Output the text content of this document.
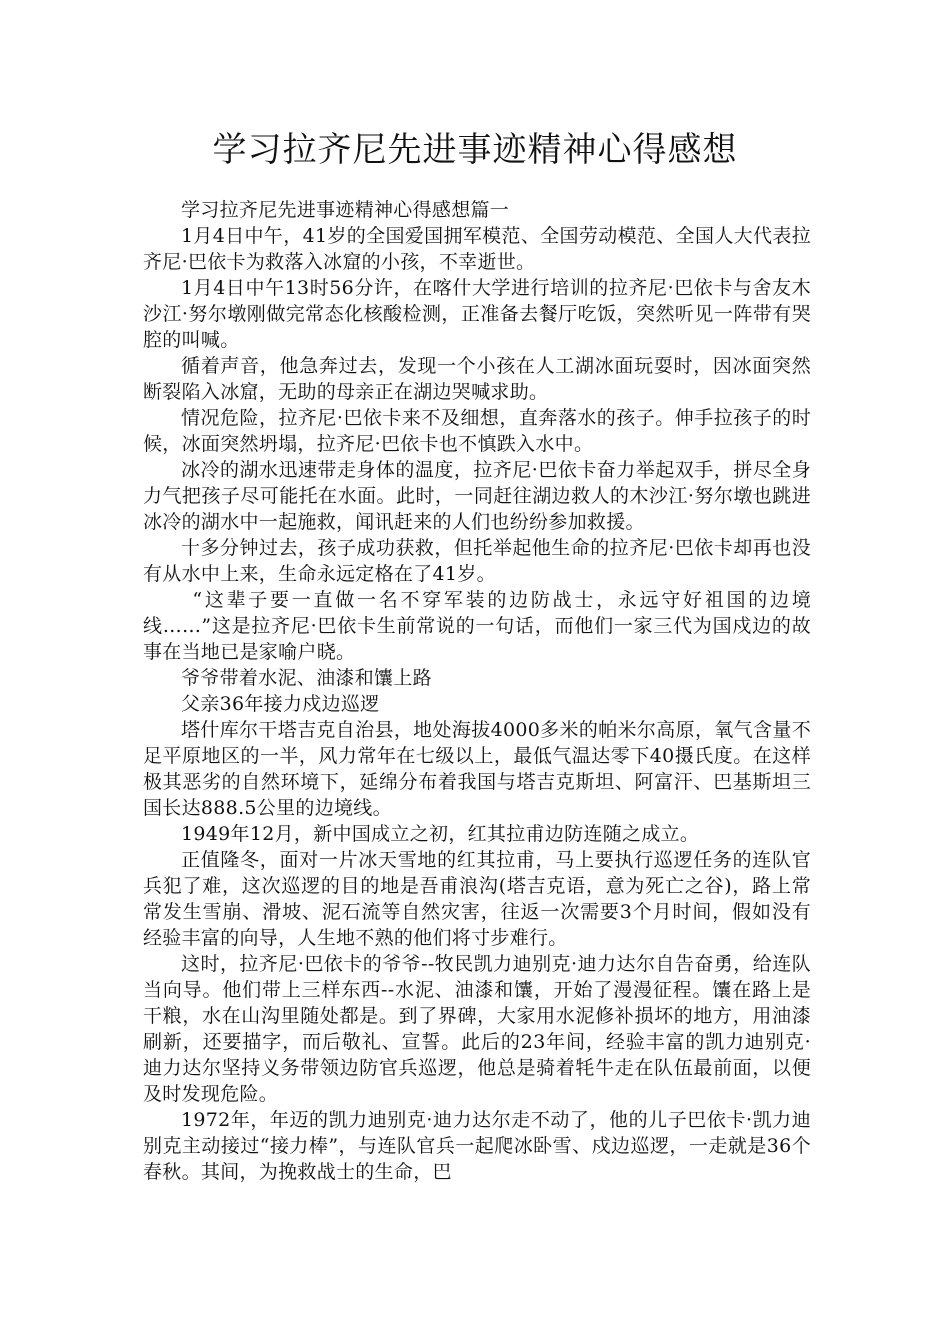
学习拉齐尼先进事迹精神心得感想

学习拉齐尼先进事迹精神心得感想篇一

1月4日中午，41岁的全国爱国拥军模范、全国劳动模范、全国人大代表拉齐尼·巴依卡为救落入冰窟的小孩，不幸逝世。

1月4日中午13时56分许，在喀什大学进行培训的拉齐尼·巴依卡与舍友木沙江·努尔墩刚做完常态化核酸检测，正准备去餐厅吃饭，突然听见一阵带有哭腔的叫喊。

循着声音，他急奔过去，发现一个小孩在人工湖冰面玩耍时，因冰面突然断裂陷入冰窟，无助的母亲正在湖边哭喊求助。

情况危险，拉齐尼·巴依卡来不及细想，直奔落水的孩子。伸手拉孩子的时候，冰面突然坍塌，拉齐尼·巴依卡也不慎跌入水中。

冰冷的湖水迅速带走身体的温度，拉齐尼·巴依卡奋力举起双手，拼尽全身力气把孩子尽可能托在水面。此时，一同赶往湖边救人的木沙江·努尔墩也跳进冰冷的湖水中一起施救，闻讯赶来的人们也纷纷参加救援。

十多分钟过去，孩子成功获救，但托举起他生命的拉齐尼·巴依卡却再也没有从水中上来，生命永远定格在了41岁。

“这辈子要一直做一名不穿军装的边防战士，永远守好祖国的边境线……”这是拉齐尼·巴依卡生前常说的一句话，而他们一家三代为国戍边的故事在当地已是家喻户晓。

爷爷带着水泥、油漆和馕上路

父亲36年接力戍边巡逻

塔什库尔干塔吉克自治县，地处海拔4000多米的帕米尔高原，氧气含量不足平原地区的一半，风力常年在七级以上，最低气温达零下40摄氏度。在这样极其恶劣的自然环境下，延绵分布着我国与塔吉克斯坦、阿富汗、巴基斯坦三国长达888.5公里的边境线。

1949年12月，新中国成立之初，红其拉甫边防连随之成立。

正值隆冬，面对一片冰天雪地的红其拉甫，马上要执行巡逻任务的连队官兵犯了难，这次巡逻的目的地是吾甫浪沟(塔吉克语，意为死亡之谷)，路上常常发生雪崩、滑坡、泥石流等自然灾害，往返一次需要3个月时间，假如没有经验丰富的向导，人生地不熟的他们将寸步难行。

这时，拉齐尼·巴依卡的爷爷--牧民凯力迪别克·迪力达尔自告奋勇，给连队当向导。他们带上三样东西--水泥、油漆和馕，开始了漫漫征程。馕在路上是干粮，水在山沟里随处都是。到了界碑，大家用水泥修补损坏的地方，用油漆刷新，还要描字，而后敬礼、宣誓。此后的23年间，经验丰富的凯力迪别克·迪力达尔坚持义务带领边防官兵巡逻，他总是骑着牦牛走在队伍最前面，以便及时发现危险。

1972年，年迈的凯力迪别克·迪力达尔走不动了，他的儿子巴依卡·凯力迪别克主动接过“接力棒”，与连队官兵一起爬冰卧雪、戍边巡逻，一走就是36个春秋。其间，为挽救战士的生命，巴
